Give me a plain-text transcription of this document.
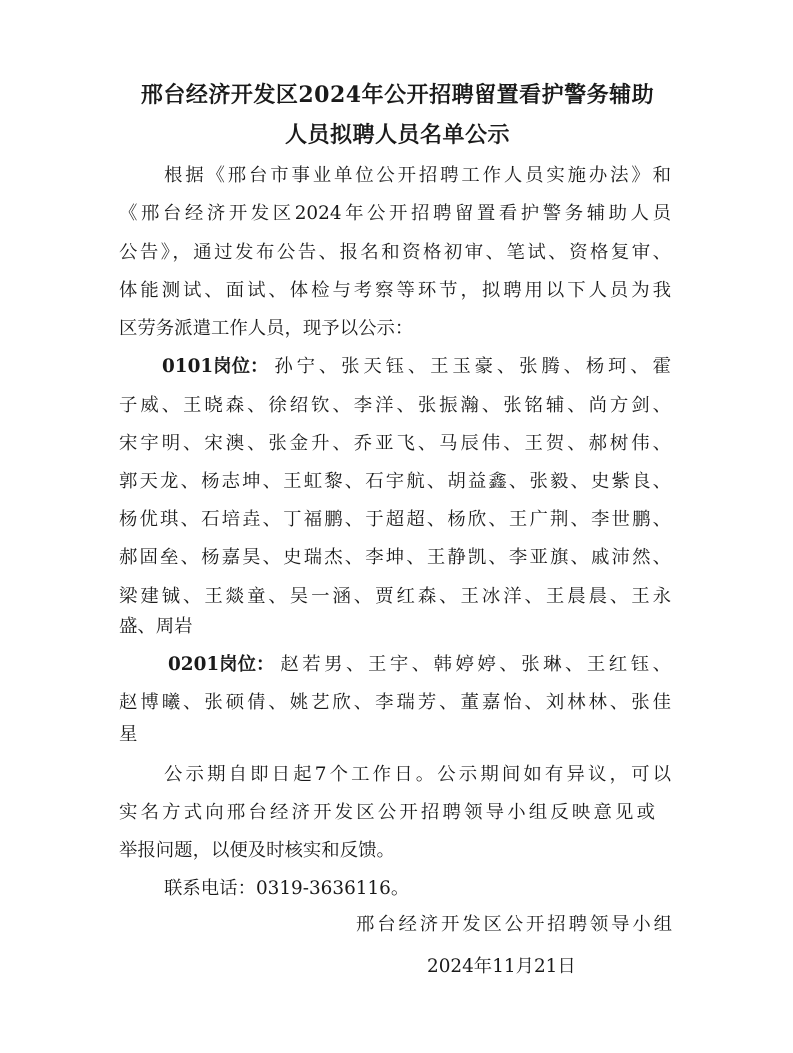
邢台经济开发区2024年公开招聘留置看护警务辅助
人员拟聘人员名单公示
根据《邢台市事业单位公开招聘工作人员实施办法》和
《邢台经济开发区2024年公开招聘留置看护警务辅助人员
公告》，通过发布公告、报名和资格初审、笔试、资格复审、
体能测试、面试、体检与考察等环节，拟聘用以下人员为我
区劳务派遣工作人员，现予以公示：
0101岗位： 孙宁、张天钰、王玉豪、张腾、杨珂、霍
子威、王晓森、徐绍钦、李洋、张振瀚、张铭辅、尚方剑、
宋宇明、宋澳、张金升、乔亚飞、马辰伟、王贺、郝树伟、
郭天龙、杨志坤、王虹黎、石宇航、胡益鑫、张毅、史紫良、
杨优琪、石培垚、丁福鹏、于超超、杨欣、王广荆、李世鹏、
郝固垒、杨嘉昊、史瑞杰、李坤、王静凯、李亚旗、戚沛然、
梁建铖、王燚童、吴一涵、贾红森、王冰洋、王晨晨、王永
盛、周岩
0201岗位： 赵若男、王宇、韩婷婷、张琳、王红钰、
赵博曦、张硕倩、姚艺欣、李瑞芳、董嘉怡、刘林林、张佳
星
公示期自即日起7个工作日。公示期间如有异议，可以
实名方式向邢台经济开发区公开招聘领导小组反映意见或
举报问题，以便及时核实和反馈。
联系电话：0319-3636116。
邢台经济开发区公开招聘领导小组
2024年11月21日
